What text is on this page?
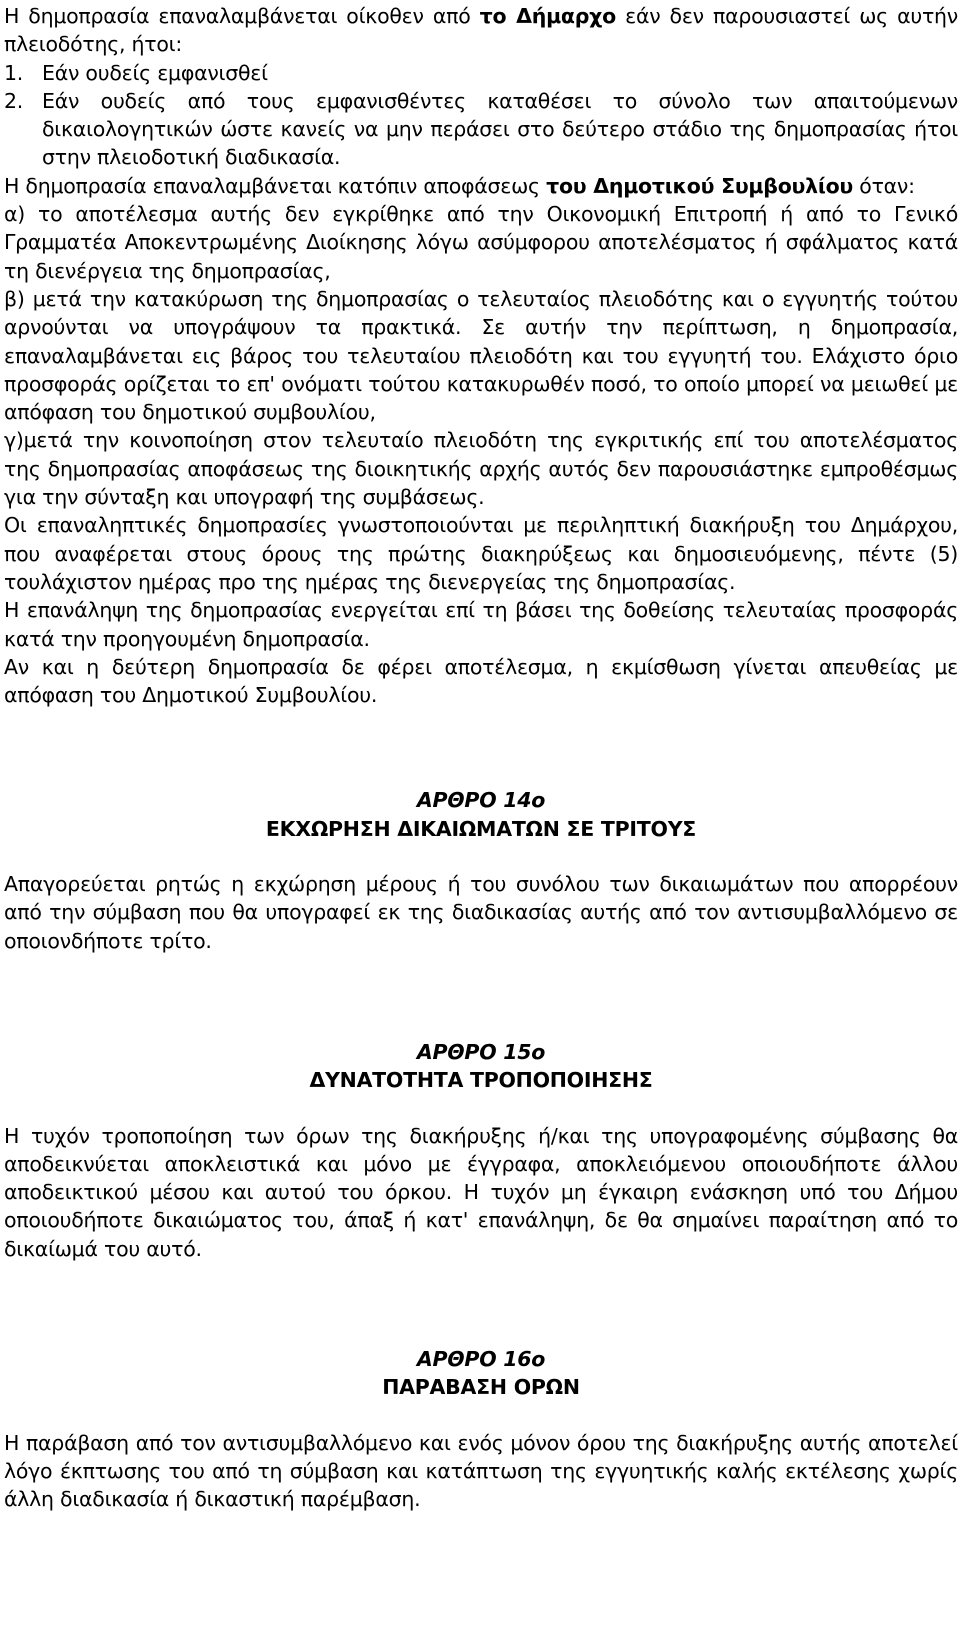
Η δημοπρασία επαναλαμβάνεται οίκοθεν από το Δήμαρχο εάν δεν παρουσιαστεί ως αυτήν πλειοδότης, ήτοι:

1. Εάν ουδείς εμφανισθεί
2. Εάν ουδείς από τους εμφανισθέντες καταθέσει το σύνολο των απαιτούμενων δικαιολογητικών ώστε κανείς να μην περάσει στο δεύτερο στάδιο της δημοπρασίας ήτοι στην πλειοδοτική διαδικασία.

Η δημοπρασία επαναλαμβάνεται κατόπιν αποφάσεως του Δημοτικού Συμβουλίου όταν:

α) το αποτέλεσμα αυτής δεν εγκρίθηκε από την Οικονομική Επιτροπή ή από το Γενικό Γραμματέα Αποκεντρωμένης Διοίκησης λόγω ασύμφορου αποτελέσματος ή σφάλματος κατά τη διενέργεια της δημοπρασίας,

β) μετά την κατακύρωση της δημοπρασίας ο τελευταίος πλειοδότης και ο εγγυητής τούτου αρνούνται να υπογράψουν τα πρακτικά. Σε αυτήν την περίπτωση, η δημοπρασία, επαναλαμβάνεται εις βάρος του τελευταίου πλειοδότη και του εγγυητή του. Ελάχιστο όριο προσφοράς ορίζεται το επ' ονόματι τούτου κατακυρωθέν ποσό, το οποίο μπορεί να μειωθεί με απόφαση του δημοτικού συμβουλίου,

γ)μετά την κοινοποίηση στον τελευταίο πλειοδότη της εγκριτικής επί του αποτελέσματος της δημοπρασίας αποφάσεως της διοικητικής αρχής αυτός δεν παρουσιάστηκε εμπροθέσμως για την σύνταξη και υπογραφή της συμβάσεως.

Οι επαναληπτικές δημοπρασίες γνωστοποιούνται με περιληπτική διακήρυξη του Δημάρχου, που αναφέρεται στους όρους της πρώτης διακηρύξεως και δημοσιευόμενης, πέντε (5) τουλάχιστον ημέρας προ της ημέρας της διενεργείας της δημοπρασίας.

Η επανάληψη της δημοπρασίας ενεργείται επί τη βάσει της δοθείσης τελευταίας προσφοράς κατά την προηγουμένη δημοπρασία.

Αν και η δεύτερη δημοπρασία δε φέρει αποτέλεσμα, η εκμίσθωση γίνεται απευθείας με απόφαση του Δημοτικού Συμβουλίου.

ΑΡΘΡΟ 14ο
ΕΚΧΩΡΗΣΗ ΔΙΚΑΙΩΜΑΤΩΝ ΣΕ ΤΡΙΤΟΥΣ

Απαγορεύεται ρητώς η εκχώρηση μέρους ή του συνόλου των δικαιωμάτων που απορρέουν από την σύμβαση που θα υπογραφεί εκ της διαδικασίας αυτής από τον αντισυμβαλλόμενο σε οποιονδήποτε τρίτο.

ΑΡΘΡΟ 15ο
ΔΥΝΑΤΟΤΗΤΑ ΤΡΟΠΟΠΟΙΗΣΗΣ

Η τυχόν τροποποίηση των όρων της διακήρυξης ή/και της υπογραφομένης σύμβασης θα αποδεικνύεται αποκλειστικά και μόνο με έγγραφα, αποκλειόμενου οποιουδήποτε άλλου αποδεικτικού μέσου και αυτού του όρκου. Η τυχόν μη έγκαιρη ενάσκηση υπό του Δήμου οποιουδήποτε δικαιώματος του, άπαξ ή κατ' επανάληψη, δε θα σημαίνει παραίτηση από το δικαίωμά του αυτό.

ΑΡΘΡΟ 16ο
ΠΑΡΑΒΑΣΗ ΟΡΩΝ

Η παράβαση από τον αντισυμβαλλόμενο και ενός μόνον όρου της διακήρυξης αυτής αποτελεί λόγο έκπτωσης του από τη σύμβαση και κατάπτωση της εγγυητικής καλής εκτέλεσης χωρίς άλλη διαδικασία ή δικαστική παρέμβαση.
